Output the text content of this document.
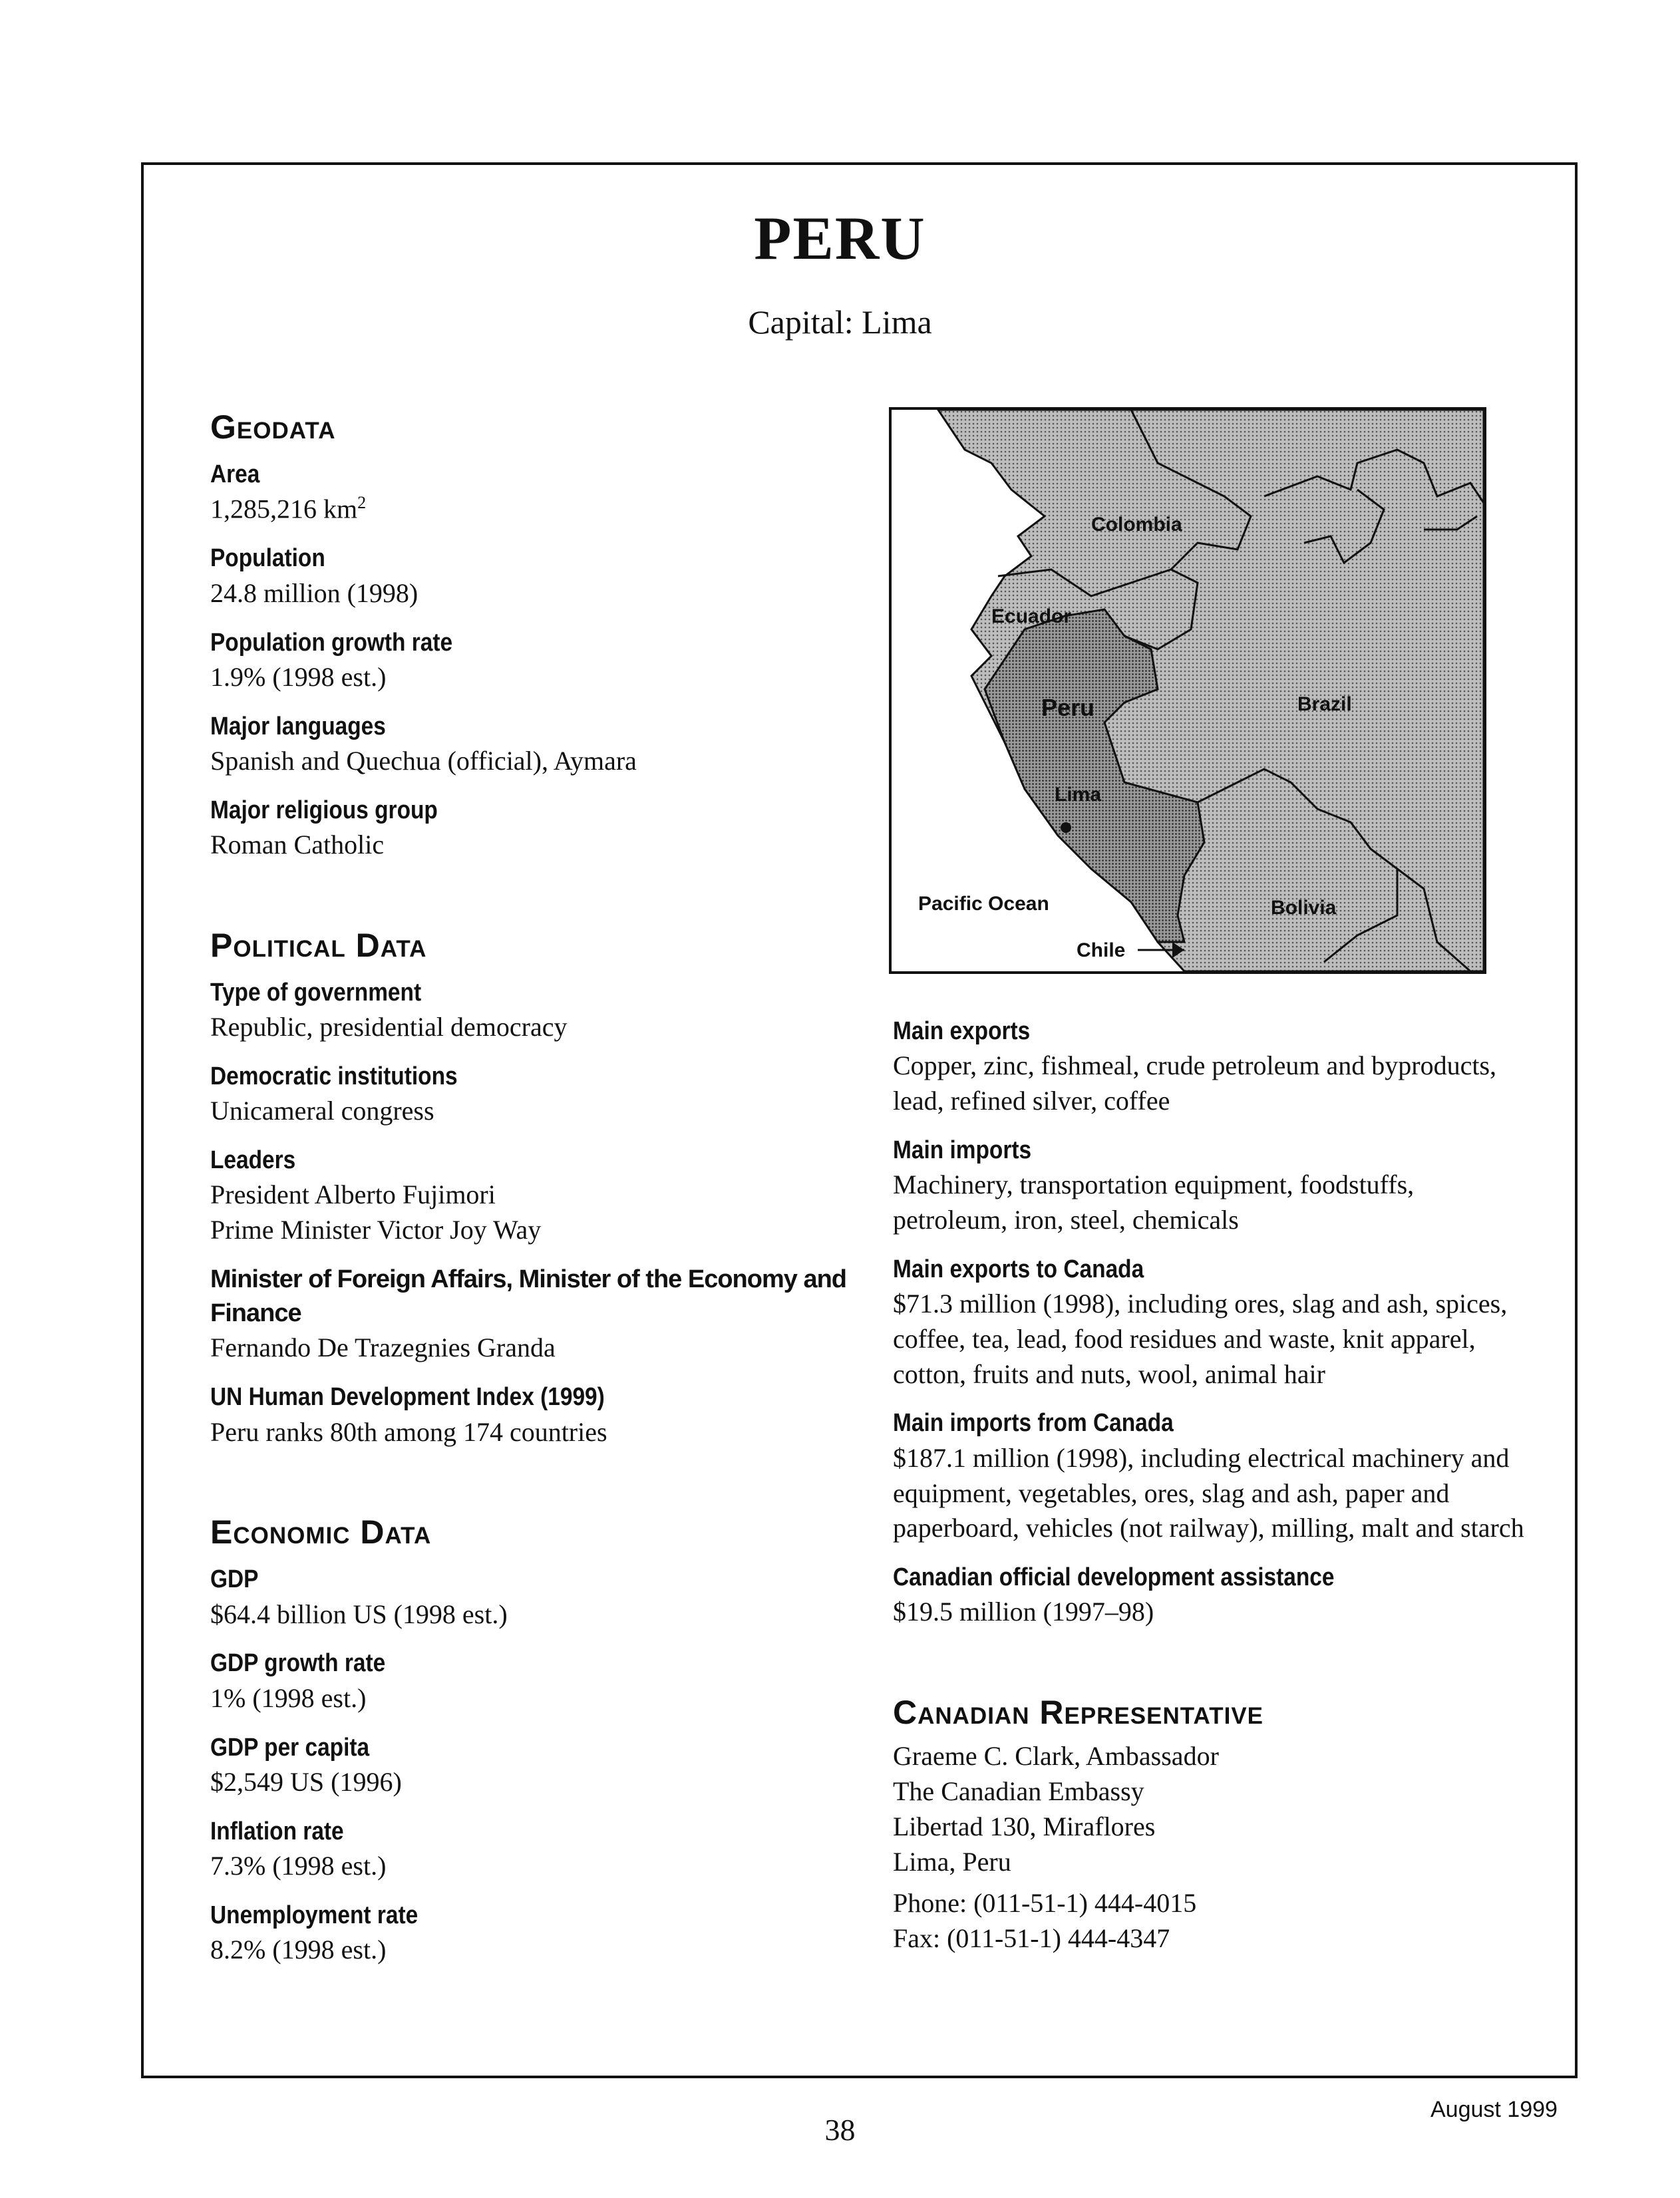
PERU
Capital: Lima
Geodata
Area
1,285,216 $km^2$
Population
24.8 million (1998)
Population growth rate
1.9% (1998 est.)
Major languages
Spanish and Quechua (official), Aymara
Major religious group
Roman Catholic
Political Data
Type of government
Republic, presidential democracy
Democratic institutions
Unicameral congress
Leaders
President Alberto Fujimori
Prime Minister Victor Joy Way
Minister of Foreign Affairs, Minister of the Economy and Finance
Fernando De Trazegnies Granda
UN Human Development Index (1999)
Peru ranks 80th among 174 countries
Economic Data
GDP
$64.4 billion US (1998 est.)
GDP growth rate
1% (1998 est.)
GDP per capita
$2,549 US (1996)
Inflation rate
7.3% (1998 est.)
Unemployment rate
8.2% (1998 est.)
Colombia
Ecuador
Peru	Brazil
Lima
Pacific Ocean	Bolivia
Chile
Main exports
Copper, zinc, fishmeal, crude petroleum and byproducts, lead, refined silver, coffee
Main imports
Machinery, transportation equipment, foodstuffs, petroleum, iron, steel, chemicals
Main exports to Canada
$71.3 million (1998), including ores, slag and ash, spices, coffee, tea, lead, food residues and waste, knit apparel, cotton, fruits and nuts, wool, animal hair
Main imports from Canada
$187.1 million (1998), including electrical machinery and equipment, vegetables, ores, slag and ash, paper and paperboard, vehicles (not railway), milling, malt and starch
Canadian official development assistance
$19.5 million (1997–98)
Canadian Representative
Graeme C. Clark, Ambassador
The Canadian Embassy
Libertad 130, Miraflores
Lima, Peru
Phone: (011-51-1) 444-4015
Fax: (011-51-1) 444-4347
38
August 1999
